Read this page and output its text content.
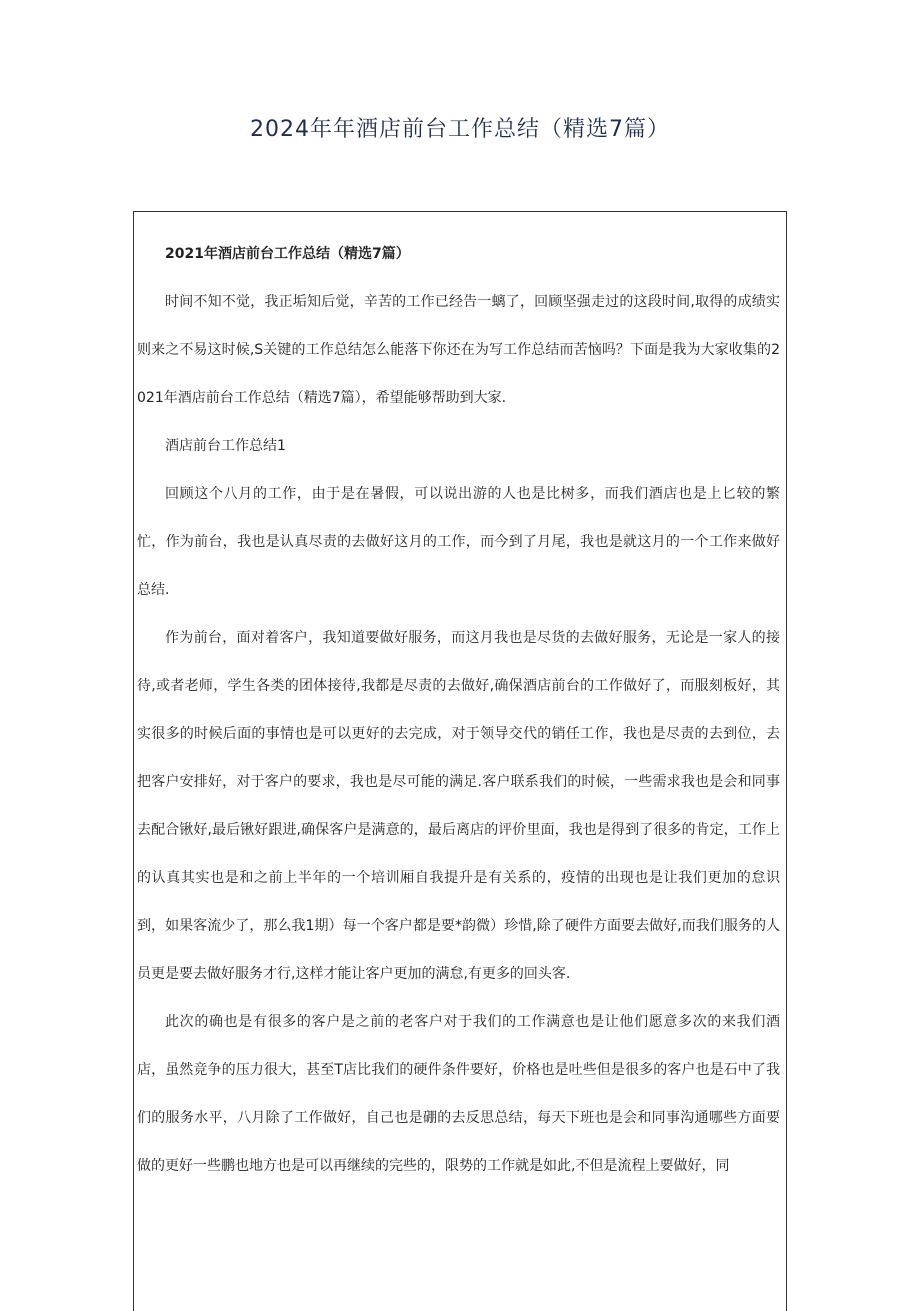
2024年年酒店前台工作总结（精选7篇）

2021年酒店前台工作总结（精选7篇）

时间不知不觉，我正垢知后觉，辛苦的工作已经告一螭了，回顾坚强走过的这段时间,取得的成绩实则来之不易这时候,S关键的工作总结怎么能落下你还在为写工作总结而苦恼吗？下面是我为大家收集的2021年酒店前台工作总结（精选7篇），希望能够帮助到大家.

酒店前台工作总结1

回顾这个八月的工作，由于是在暑假，可以说出游的人也是比树多，而我们酒店也是上匕较的繁忙，作为前台，我也是认真尽责的去做好这月的工作，而今到了月尾，我也是就这月的一个工作来做好总结.

作为前台，面对着客户，我知道要做好服务，而这月我也是尽货的去做好服务，无论是一家人的接待,或者老师，学生各类的团体接待,我都是尽责的去做好,确保酒店前台的工作做好了，而服刻板好，其实很多的时候后面的事情也是可以更好的去完成，对于领导交代的销任工作，我也是尽责的去到位，去把客户安排好，对于客户的要求，我也是尽可能的满足.客户联系我们的时候，一些需求我也是会和同事去配合锹好,最后锹好跟进,确保客户是满意的，最后离店的评价里面，我也是得到了很多的肯定，工作上的认真其实也是和之前上半年的一个培训厢自我提升是有关系的，疫情的出现也是让我们更加的怠识到，如果客流少了，那么我1期）每一个客户都是要*韵微）珍惜,除了硬件方面要去做好,而我们服务的人员更是要去做好服务才行,这样才能让客户更加的满怠,有更多的回头客.

此次的确也是有很多的客户是之前的老客户对于我们的工作满意也是让他们愿意多次的来我们酒店，虽然竞争的压力很大，甚至T店比我们的硬件条件要好，价格也是吐些但是很多的客户也是石中了我们的服务水平，八月除了工作做好，自己也是硼的去反思总结，每天下班也是会和同事沟通哪些方面要做的更好一些鹏也地方也是可以再继续的完些的，限势的工作就是如此,不但是流程上要做好，同
